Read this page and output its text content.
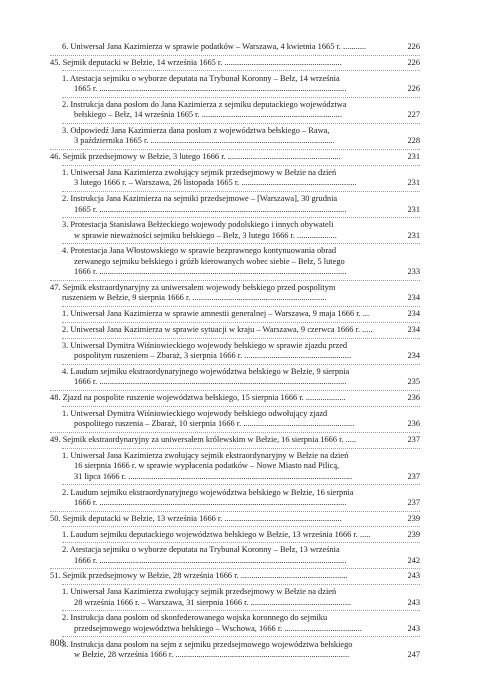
6. Uniwersał Jana Kazimierza w sprawie podatków – Warszawa, 4 kwietnia 1665 r. ...........	226
45. Sejmik deputacki w Bełzie, 14 września 1665 r. ........................................................	226
1. Atestacja sejmiku o wyborze deputata na Trybunał Koronny – Bełz, 14 września
1665 r. ......................................................................................................................	226
2. Instrukcja dana posłom do Jana Kazimierza z sejmiku deputackiego województwa
bełskiego – Bełz, 14 września 1665 r. ...................................................................	227
3. Odpowiedź Jana Kazimierza dana posłom z województwa bełskiego – Rawa,
3 października 1665 r. ........................................................................................	228
46. Sejmik przedsejmowy w Bełzie, 3 lutego 1666 r. ......................................................	231
1. Uniwersał Jana Kazimierza zwołujący sejmik przedsejmowy w Bełzie na dzień
3 lutego 1666 r. – Warszawa, 26 listopada 1665 r. .......................................................	231
2. Instrukcja Jana Kazimierza na sejmiki przedsejmowe – [Warszawa], 30 grudnia
1665 r. ......................................................................................................................	231
3. Protestacja Stanisława Bełżeckiego wojewody podolskiego i innych obywateli
w sprawie nieważności sejmiku bełskiego – Bełz, 3 lutego 1666 r. ...................	231
4. Protestacja Jana Włostowskiego w sprawie bezprawnego kontynuowania obrad
zerwanego sejmiku bełskiego i gróźb kierowanych wobec siebie – Bełz, 5 lutego
1666 r. ......................................................................................................................	233
47. Sejmik ekstraordynaryjny za uniwersałem wojewody bełskiego przed pospolitym
ruszeniem w Bełzie, 9 sierpnia 1666 r. ................................................................	234
1. Uniwersał Jana Kazimierza w sprawie amnestii generalnej – Warszawa, 9 maja 1666 r. ...	234
2. Uniwersał Jana Kazimierza w sprawie sytuacji w kraju – Warszawa, 9 czerwca 1666 r. .....	234
3. Uniwersał Dymitra Wiśniowieckiego wojewody bełskiego w sprawie zjazdu przed
pospolitym ruszeniem – Zbaraż, 3 sierpnia 1666 r. ...................................................	234
4. Laudum sejmiku ekstraordynaryjnego województwa bełskiego w Bełzie, 9 sierpnia
1666 r. ......................................................................................................................	235
48. Zjazd na pospolite ruszenie województwa bełskiego, 15 sierpnia 1666 r. ...................	236
1. Uniwersał Dymitra Wiśniowieckiego wojewody bełskiego odwołujący zjazd
pospolitego ruszenia – Zbaraż, 10 sierpnia 1666 r. .....................................................	236
49. Sejmik ekstraordynaryjny za uniwersałem królewskim w Bełzie, 16 sierpnia 1666 r. .....	237
1. Uniwersał Jana Kazimierza zwołujący sejmik ekstraordynaryjny w Bełzie na dzień
16 sierpnia 1666 r. w sprawie wypłacenia podatków – Nowe Miasto nad Pilicą,
31 lipca 1666 r. ...........................................................................................................	237
2. Laudum sejmiku ekstraordynaryjnego województwa bełskiego w Bełzie, 16 sierpnia
1666 r. ......................................................................................................................	237
50. Sejmik deputacki w Bełzie, 13 września 1666 r. ........................................................	239
1. Laudum sejmiku deputackiego województwa bełskiego w Bełzie, 13 września 1666 r. .....	239
2. Atestacja sejmiku o wyborze deputata na Trybunał Koronny – Bełz, 13 września
1666 r. ......................................................................................................................	242
51. Sejmik przedsejmowy w Bełzie, 28 września 1666 r. ...................................................	243
1. Uniwersał Jana Kazimierza zwołujący sejmik przedsejmowy w Bełzie na dzień
28 września 1666 r. – Warszawa, 31 sierpnia 1666 r. ................................................	243
2. Instrukcja dana posłom od skonfederowanego wojska koronnego do sejmiku
przedsejmowego województwa bełskiego – Wschowa, 1666 r. .....................................	243
3. Instrukcja dana posłom na sejm z sejmiku przedsejmowego województwa bełskiego
w Bełzie, 28 września 1666 r. ...................................................................................	247
808
